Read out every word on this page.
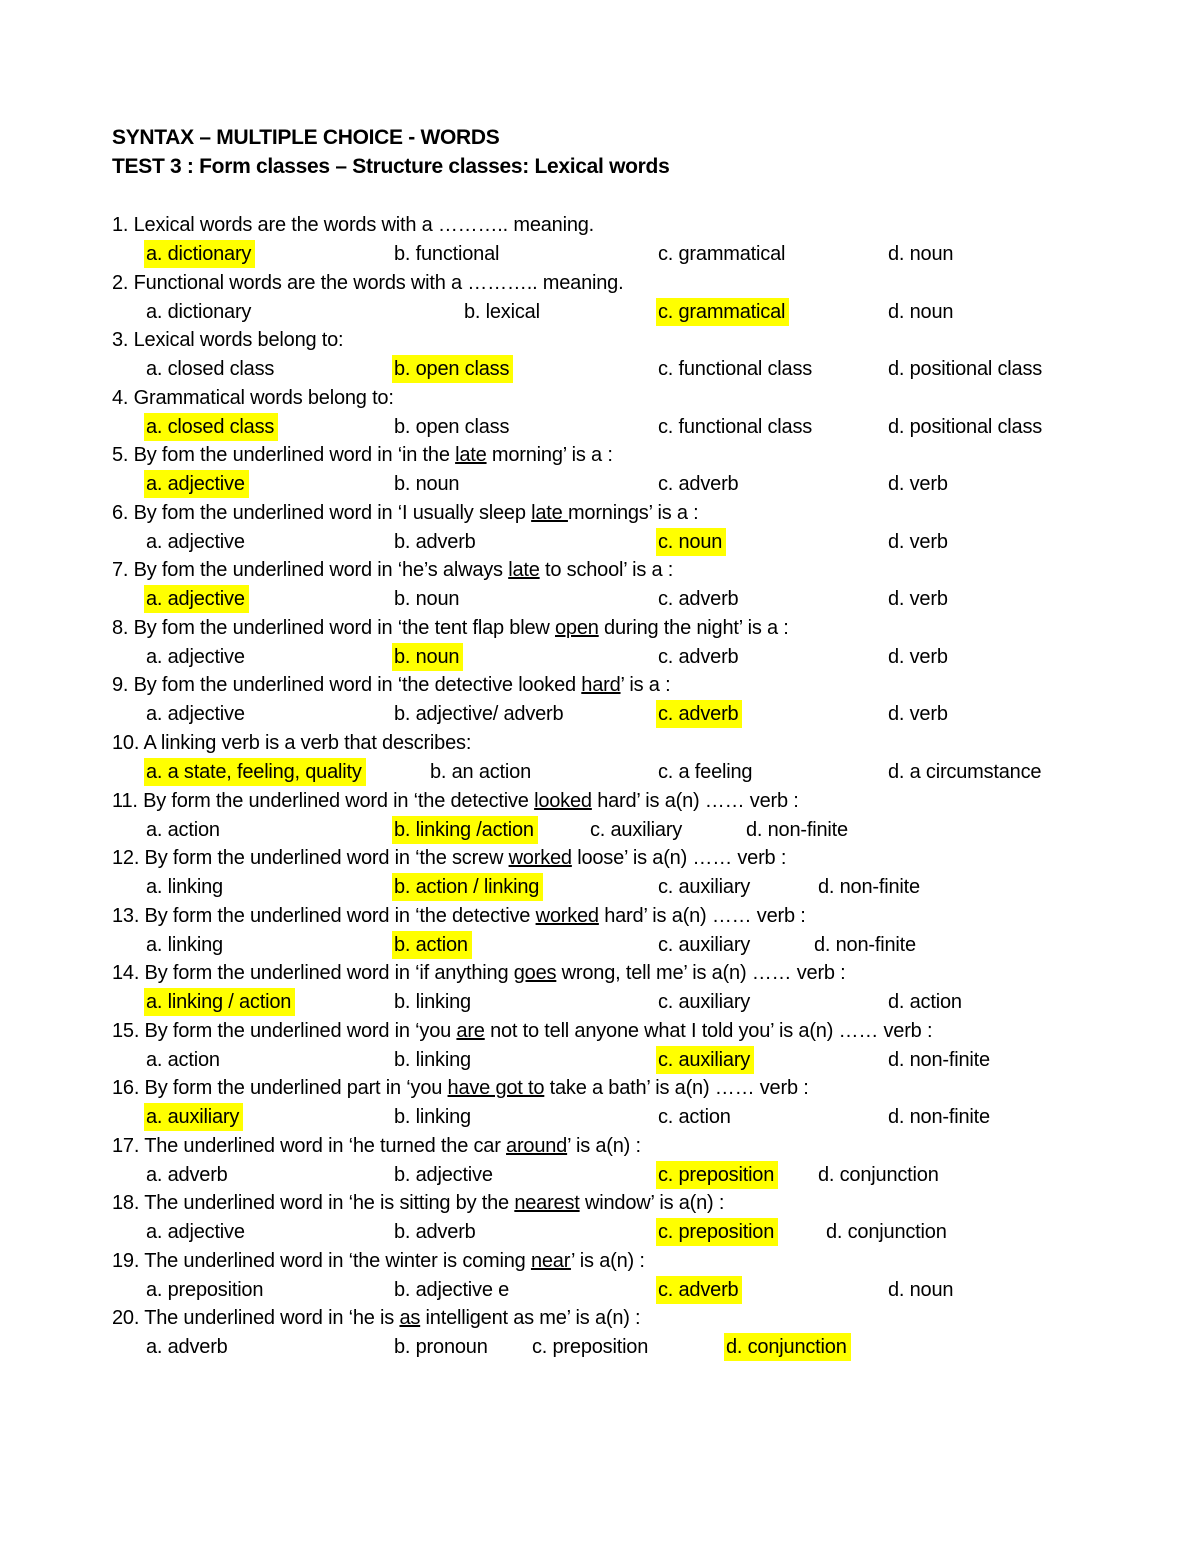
SYNTAX – MULTIPLE CHOICE - WORDS
TEST 3 : Form classes – Structure classes: Lexical words
1. Lexical words are the words with a ……….. meaning.
a. dictionary	b. functional	c. grammatical	d. noun
2. Functional words are the words with a ……….. meaning.
a. dictionary	b. lexical	c. grammatical	d. noun
3. Lexical words belong to:
a. closed class	b. open class	c. functional class	d. positional class
4. Grammatical words belong to:
a. closed class	b. open class	c. functional class	d. positional class
5. By fom the underlined word in ‘in the late morning’ is a :
a. adjective	b. noun	c. adverb	d. verb
6. By fom the underlined word in ‘I usually sleep late mornings’ is a :
a. adjective	b. adverb	c. noun	d. verb
7. By fom the underlined word in ‘he’s always late to school’ is a :
a. adjective	b. noun	c. adverb	d. verb
8. By fom the underlined word in ‘the tent flap blew open during the night’ is a :
a. adjective	b. noun	c. adverb	d. verb
9. By fom the underlined word in ‘the detective looked hard’ is a :
a. adjective	b. adjective/ adverb	c. adverb	d. verb
10. A linking verb is a verb that describes:
a. a state, feeling, quality	b. an action	c. a feeling	d. a circumstance
11. By form the underlined word in ‘the detective looked hard’ is a(n) …… verb :
a. action	b. linking /action	c. auxiliary	d. non-finite
12. By form the underlined word in ‘the screw worked loose’ is a(n) …… verb :
a. linking	b. action / linking	c. auxiliary	d. non-finite
13. By form the underlined word in ‘the detective worked hard’ is a(n) …… verb :
a. linking	b. action	c. auxiliary	d. non-finite
14. By form the underlined word in ‘if anything goes wrong, tell me’ is a(n) …… verb :
a. linking / action	b. linking	c. auxiliary	d. action
15. By form the underlined word in ‘you are not to tell anyone what I told you’ is a(n) …… verb :
a. action	b. linking	c. auxiliary	d. non-finite
16. By form the underlined part in ‘you have got to take a bath’ is a(n) …… verb :
a. auxiliary	b. linking	c. action	d. non-finite
17. The underlined word in ‘he turned the car around’ is a(n) :
a. adverb	b. adjective	c. preposition d. conjunction
18. The underlined word in ‘he is sitting by the nearest window’ is a(n) :
a. adjective	b. adverb	c. preposition	d. conjunction
19. The underlined word in ‘the winter is coming near’ is a(n) :
a. preposition	b. adjective e	c. adverb	d. noun
20. The underlined word in ‘he is as intelligent as me’ is a(n) :
a. adverb	b. pronoun c. preposition	d. conjunction
